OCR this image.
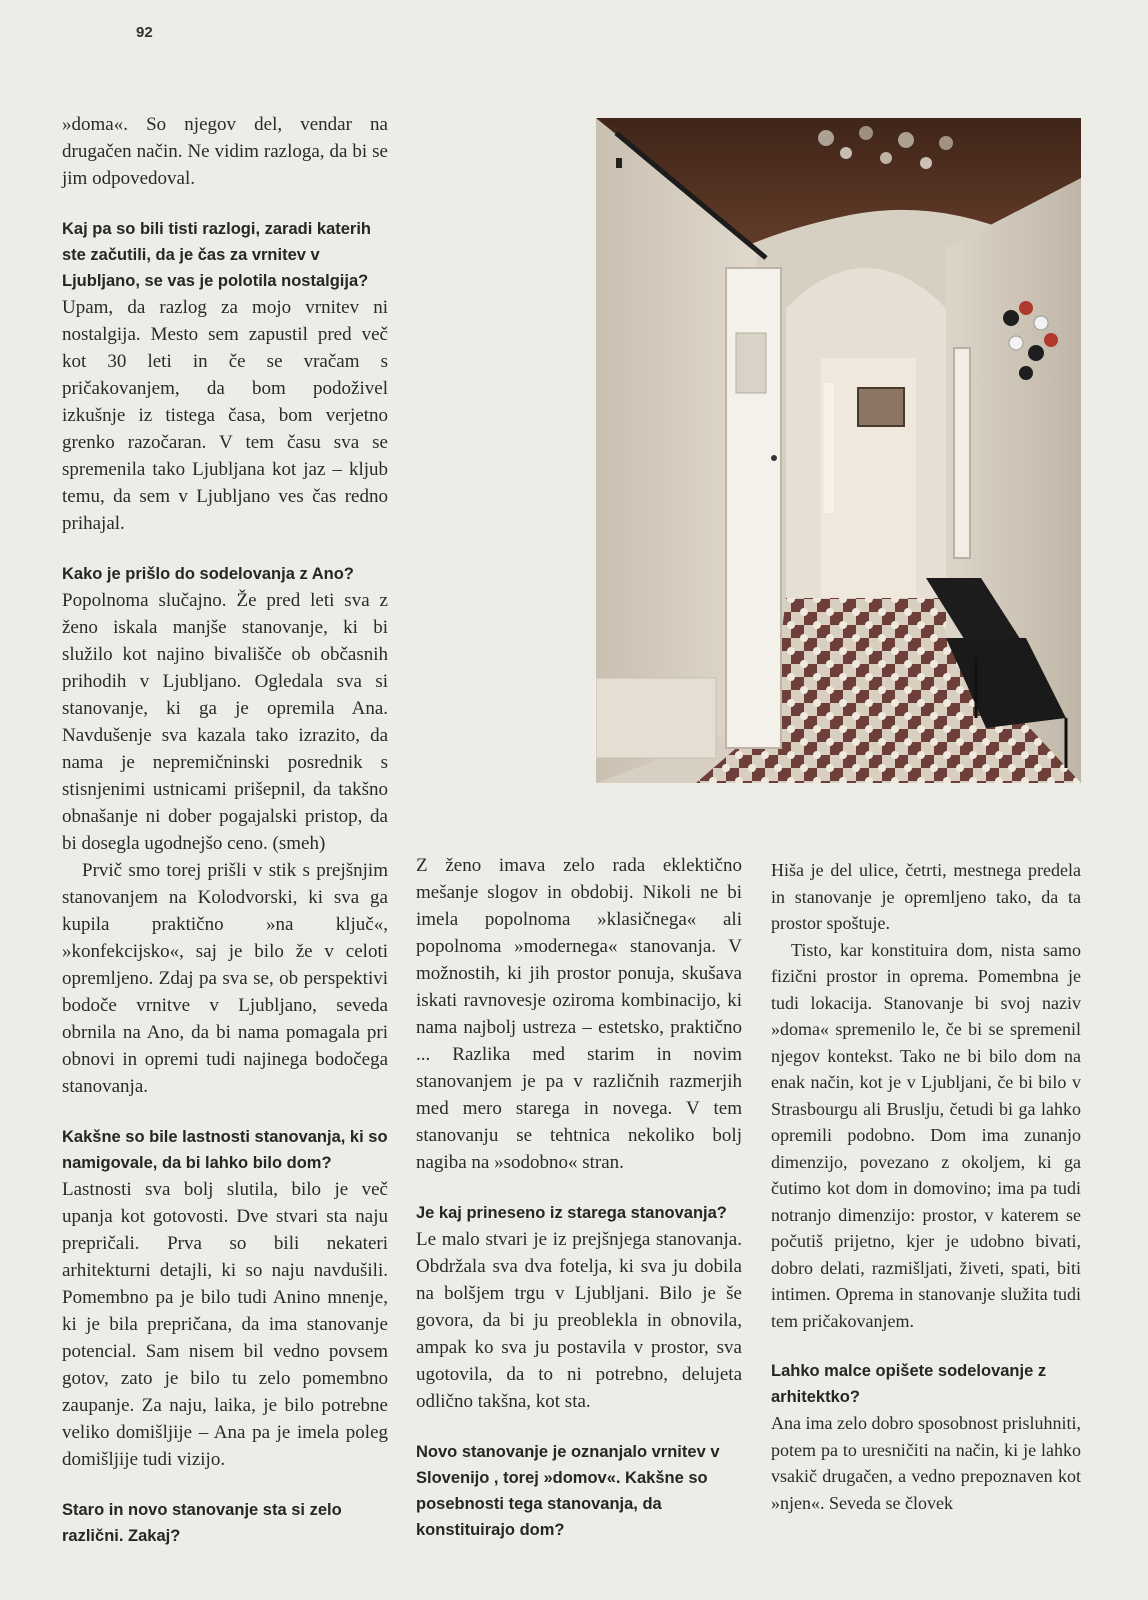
92

»doma«. So njegov del, vendar na drugačen način. Ne vidim razloga, da bi se jim odpovedoval.

Kaj pa so bili tisti razlogi, zaradi katerih ste začutili, da je čas za vrnitev v Ljubljano, se vas je polotila nostalgija?

Upam, da razlog za mojo vrnitev ni nostalgija. Mesto sem zapustil pred več kot 30 leti in če se vračam s pričakovanjem, da bom podoživel izkušnje iz tistega časa, bom verjetno grenko razočaran. V tem času sva se spremenila tako Ljubljana kot jaz – kljub temu, da sem v Ljubljano ves čas redno prihajal.

Kako je prišlo do sodelovanja z Ano?

Popolnoma slučajno. Že pred leti sva z ženo iskala manjše stanovanje, ki bi služilo kot najino bivališče ob občasnih prihodih v Ljubljano. Ogledala sva si stanovanje, ki ga je opremila Ana. Navdušenje sva kazala tako izrazito, da nama je nepremičninski posrednik s stisnjenimi ustnicami prišepnil, da takšno obnašanje ni dober pogajalski pristop, da bi dosegla ugodnejšo ceno. (smeh)

Prvič smo torej prišli v stik s prejšnjim stanovanjem na Kolodvorski, ki sva ga kupila praktično »na ključ«, »konfekcijsko«, saj je bilo že v celoti opremljeno. Zdaj pa sva se, ob perspektivi bodoče vrnitve v Ljubljano, seveda obrnila na Ano, da bi nama pomagala pri obnovi in opremi tudi najinega bodočega stanovanja.

Kakšne so bile lastnosti stanovanja, ki so namigovale, da bi lahko bilo dom?

Lastnosti sva bolj slutila, bilo je več upanja kot gotovosti. Dve stvari sta naju prepričali. Prva so bili nekateri arhitekturni detajli, ki so naju navdušili. Pomembno pa je bilo tudi Anino mnenje, ki je bila prepričana, da ima stanovanje potencial. Sam nisem bil vedno povsem gotov, zato je bilo tu zelo pomembno zaupanje. Za naju, laika, je bilo potrebne veliko domišljije – Ana pa je imela poleg domišljije tudi vizijo.

Staro in novo stanovanje sta si zelo različni. Zakaj?

Z ženo imava zelo rada eklektično mešanje slogov in obdobij. Nikoli ne bi imela popolnoma »klasičnega« ali popolnoma »modernega« stanovanja. V možnostih, ki jih prostor ponuja, skušava iskati ravnovesje oziroma kombinacijo, ki nama najbolj ustreza – estetsko, praktično ... Razlika med starim in novim stanovanjem je pa v različnih razmerjih med mero starega in novega. V tem stanovanju se tehtnica nekoliko bolj nagiba na »sodobno« stran.

Je kaj prineseno iz starega stanovanja?

Le malo stvari je iz prejšnjega stanovanja. Obdržala sva dva fotelja, ki sva ju dobila na bolšjem trgu v Ljubljani. Bilo je še govora, da bi ju preoblekla in obnovila, ampak ko sva ju postavila v prostor, sva ugotovila, da to ni potrebno, delujeta odlično takšna, kot sta.

Novo stanovanje je oznanjalo vrnitev v Slovenijo , torej »domov«. Kakšne so posebnosti tega stanovanja, da konstituirajo dom?

Hiša je del ulice, četrti, mestnega predela in stanovanje je opremljeno tako, da ta prostor spoštuje.

Tisto, kar konstituira dom, nista samo fizični prostor in oprema. Pomembna je tudi lokacija. Stanovanje bi svoj naziv »doma« spremenilo le, če bi se spremenil njegov kontekst. Tako ne bi bilo dom na enak način, kot je v Ljubljani, če bi bilo v Strasbourgu ali Bruslju, četudi bi ga lahko opremili podobno. Dom ima zunanjo dimenzijo, povezano z okoljem, ki ga čutimo kot dom in domovino; ima pa tudi notranjo dimenzijo: prostor, v katerem se počutiš prijetno, kjer je udobno bivati, dobro delati, razmišljati, živeti, spati, biti intimen. Oprema in stanovanje služita tudi tem pričakovanjem.

Lahko malce opišete sodelovanje z arhitektko?

Ana ima zelo dobro sposobnost prisluhniti, potem pa to uresničiti na način, ki je lahko vsakič drugačen, a vedno prepoznaven kot »njen«. Seveda se človek
